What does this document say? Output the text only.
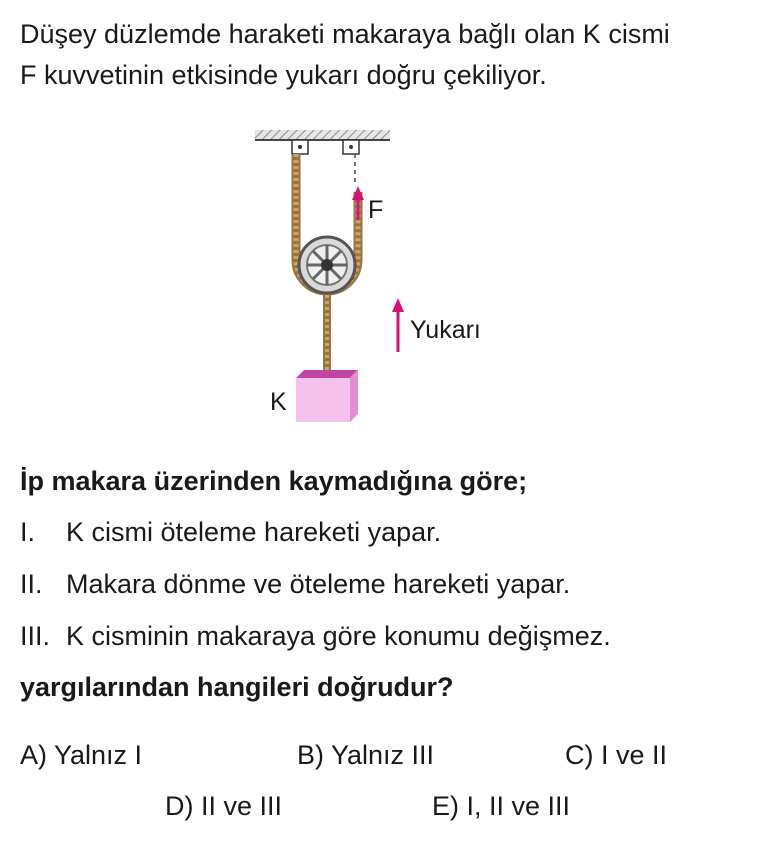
Düşey düzlemde haraketi makaraya bağlı olan K cismi
F kuvvetinin etkisinde yukarı doğru çekiliyor.

F
Yukarı
K
İp makara üzerinden kaymadığına göre;
I. K cismi öteleme hareketi yapar.
II. Makara dönme ve öteleme hareketi yapar.
III. K cisminin makaraya göre konumu değişmez.
yargılarından hangileri doğrudur?
A) Yalnız I	B) Yalnız III	C) I ve II
D) II ve III	E) I, II ve III
